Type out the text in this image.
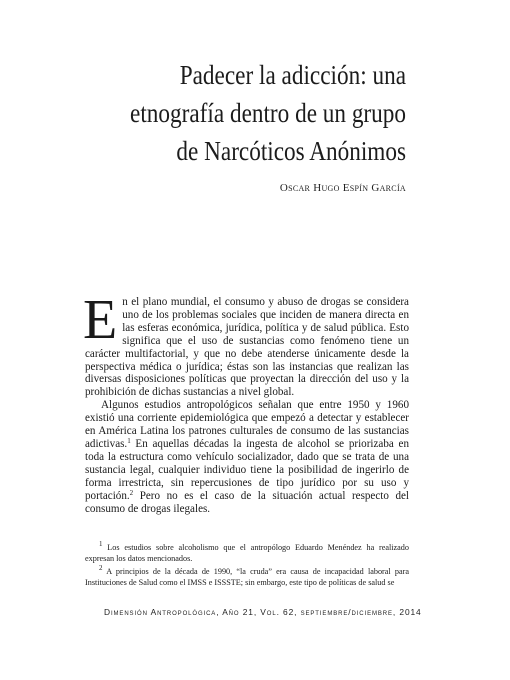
Padecer la adicción: una
etnografía dentro de un grupo
de Narcóticos Anónimos
Oscar Hugo Espín García

En el plano mundial, el consumo y abuso de drogas se considera uno de los problemas sociales que inciden de manera directa en las esferas económica, jurídica, política y de salud pública. Esto significa que el uso de sustancias como fenómeno tiene un carácter multifactorial, y que no debe atenderse únicamente desde la perspectiva médica o jurídica; éstas son las instancias que realizan las diversas disposiciones políticas que proyectan la dirección del uso y la prohibición de dichas sustancias a nivel global.

Algunos estudios antropológicos señalan que entre 1950 y 1960 existió una corriente epidemiológica que empezó a detectar y establecer en América Latina los patrones culturales de consumo de las sustancias adictivas.$^1$ En aquellas décadas la ingesta de alcohol se priorizaba en toda la estructura como vehículo socializador, dado que se trata de una sustancia legal, cualquier individuo tiene la posibilidad de ingerirlo de forma irrestricta, sin repercusiones de tipo jurídico por su uso y portación.$^2$ Pero no es el caso de la situación actual respecto del consumo de drogas ilegales.

$^1$ Los estudios sobre alcoholismo que el antropólogo Eduardo Menéndez ha realizado expresan los datos mencionados.

$^2$ A principios de la década de 1990, “la cruda” era causa de incapacidad laboral para Instituciones de Salud como el IMSS e ISSSTE; sin embargo, este tipo de políticas de salud se

Dimensión Antropológica, Año 21, Vol. 62, septiembre/diciembre, 2014
